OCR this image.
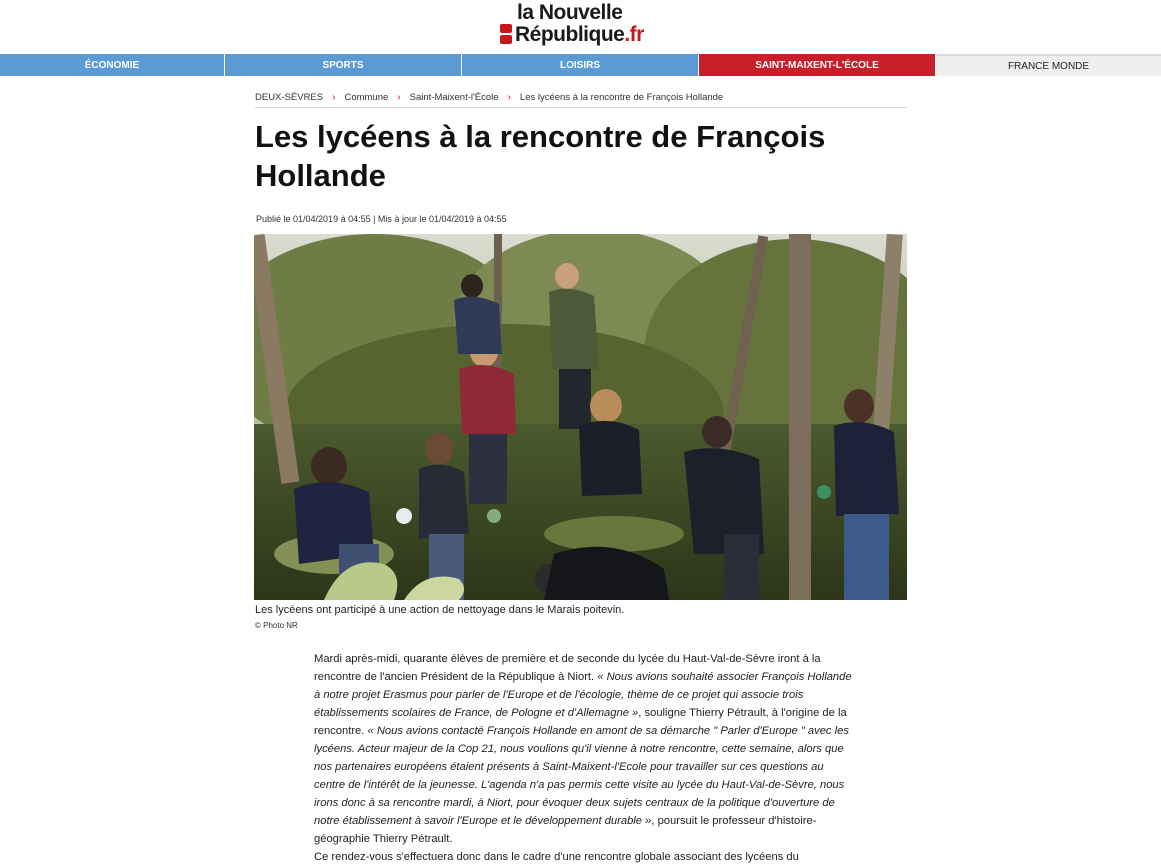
la Nouvelle
République.fr
ÉCONOMIE	SPORTS	LOISIRS	SAINT-MAIXENT-L'ÉCOLE	FRANCE MONDE
DEUX-SÈVRES › Commune › Saint-Maixent-l'École › Les lycéens à la rencontre de François Hollande
Les lycéens à la rencontre de François Hollande
Publié le 01/04/2019 à 04:55 | Mis à jour le 01/04/2019 à 04:55
Les lycéens ont participé à une action de nettoyage dans le Marais poitevin.
© Photo NR

Mardi après-midi, quarante élèves de première et de seconde du lycée du Haut-Val-de-Sèvre iront à la rencontre de l'ancien Président de la République à Niort. « Nous avions souhaité associer François Hollande à notre projet Erasmus pour parler de l'Europe et de l'écologie, thème de ce projet qui associe trois établissements scolaires de France, de Pologne et d'Allemagne », souligne Thierry Pétrault, à l'origine de la rencontre. « Nous avions contacté François Hollande en amont de sa démarche " Parler d'Europe " avec les lycéens. Acteur majeur de la Cop 21, nous voulions qu'il vienne à notre rencontre, cette semaine, alors que nos partenaires européens étaient présents à Saint-Maixent-l'Ecole pour travailler sur ces questions au centre de l'intérêt de la jeunesse. L'agenda n'a pas permis cette visite au lycée du Haut-Val-de-Sèvre, nous irons donc à sa rencontre mardi, à Niort, pour évoquer deux sujets centraux de la politique d'ouverture de notre établissement à savoir l'Europe et le développement durable », poursuit le professeur d'histoire-géographie Thierry Pétrault.

Ce rendez-vous s'effectuera donc dans le cadre d'une rencontre globale associant des lycéens du
